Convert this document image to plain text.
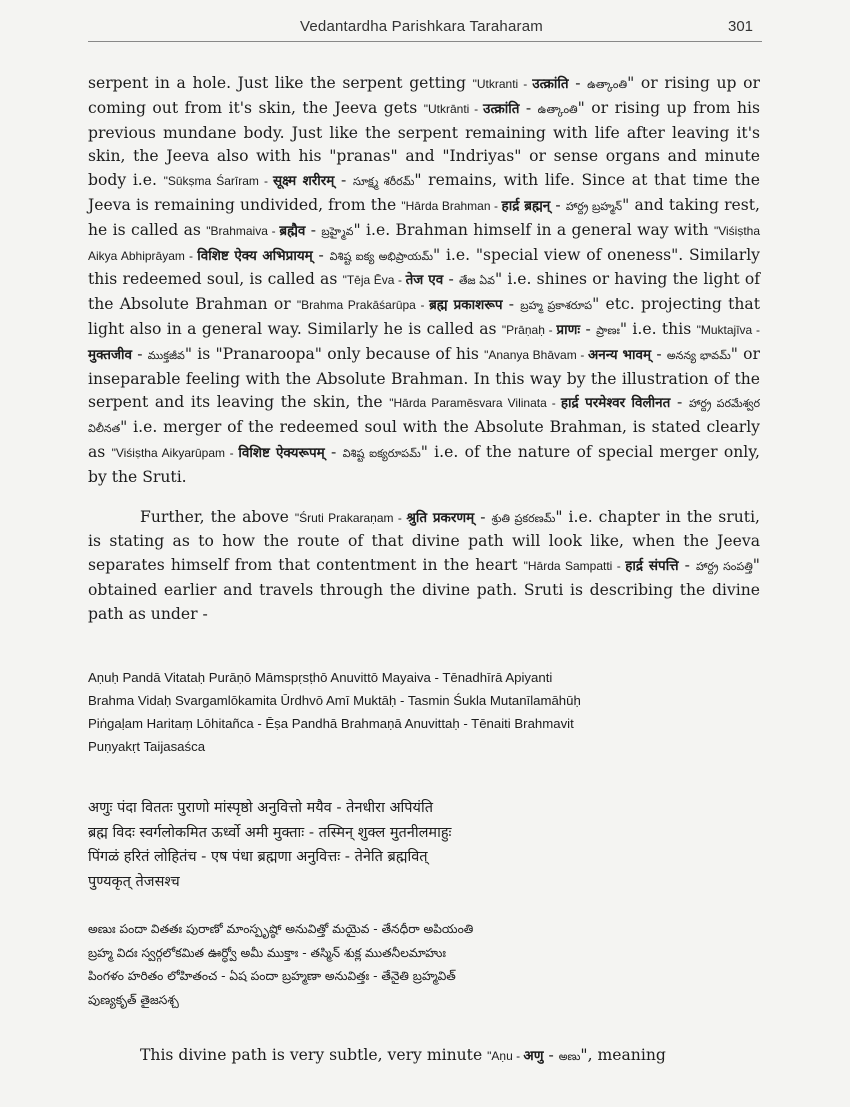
Vedantardha Parishkara Taraharam	301

serpent in a hole. Just like the serpent getting "Utkranti - उत्क्रांति - ఉత్కాంతి" or rising up or coming out from it's skin, the Jeeva gets "Utkrānti - उत्क्रांति - ఉత్కాంతి" or rising up from his previous mundane body. Just like the serpent remaining with life after leaving it's skin, the Jeeva also with his "pranas" and "Indriyas" or sense organs and minute body i.e. "Sūkṣma Śarīram - सूक्ष्म शरीरम् - సూక్ష్మ శరీరమ్" remains, with life. Since at that time the Jeeva is remaining undivided, from the "Hārda Brahman - हार्द्र ब्रह्मन् - హార్ద్ర బ్రహ్మన్" and taking rest, he is called as "Brahmaiva - ब्रह्मैव - బ్రహ్మైవ" i.e. Brahman himself in a general way with "Viśiṣtha Aikya Abhiprāyam - विशिष्ट ऐक्य अभिप्रायम् - విశిష్ట ఐక్య అభిప్రాయమ్" i.e. "special view of oneness". Similarly this redeemed soul, is called as "Tēja Ēva - तेज एव - తేజ ఏవ" i.e. shines or having the light of the Absolute Brahman or "Brahma Prakāśarūpa - ब्रह्म प्रकाशरूप - బ్రహ్మ ప్రకాశరూప" etc. projecting that light also in a general way. Similarly he is called as "Prāṇaḥ - प्राणः - ప్రాణః" i.e. this "Muktajīva - मुक्तजीव - ముక్తజీవ" is "Pranaroopa" only because of his "Ananya Bhāvam - अनन्य भावम् - అనన్య భావమ్" or inseparable feeling with the Absolute Brahman. In this way by the illustration of the serpent and its leaving the skin, the "Hārda Paramēsvara Vilinata - हार्द्र परमेश्वर विलीनत - హార్ద్ర పరమేశ్వర విలీనత" i.e. merger of the redeemed soul with the Absolute Brahman, is stated clearly as "Viśiṣtha Aikyarūpam - विशिष्ट ऐक्यरूपम् - విశిష్ట ఐక్యరూపమ్" i.e. of the nature of special merger only, by the Sruti.

Further, the above "Śruti Prakaraṇam - श्रुति प्रकरणम् - శ్రుతి ప్రకరణమ్" i.e. chapter in the sruti, is stating as to how the route of that divine path will look like, when the Jeeva separates himself from that contentment in the heart "Hārda Sampatti - हार्द्र संपत्ति - హార్ద్ర సంపత్తి" obtained earlier and travels through the divine path. Sruti is describing the divine path as under -

Aṇuḥ Pandā Vitataḥ Purāṇō Māmspṛsṭhō Anuvittō Mayaiva - Tēnadhīrā Apiyanti
Brahma Vidaḥ Svargamlōkamita Ūrdhvō Amī Muktāḥ - Tasmin Śukla Mutanīlamāhūḥ
Piṅgaḷam Haritaṃ Lōhitañca - Ēṣa Pandhā Brahmaṇā Anuvittaḥ - Tēnaiti Brahmavit
Puṇyakṛt Taijasaśca
अणुः पंदा विततः पुराणो मांस्पृष्ठो अनुवित्तो मयैव - तेनधीरा अपियंति
ब्रह्म विदः स्वर्गलोकमित ऊर्ध्वो अमी मुक्ताः - तस्मिन् शुक्ल मुतनीलमाहुः
पिंगळं हरितं लोहितंच - एष पंधा ब्रह्मणा अनुवित्तः - तेनेति ब्रह्मवित्
पुण्यकृत् तेजसश्च
అణుః పందా వితతః పురాణో మాంస్పృష్ఠో అనువిత్తో మయైవ - తేనధీరా అపియంతి
బ్రహ్మ విదః స్వర్గలోకమిత ఊర్ధ్వో అమీ ముక్తాః - తస్మిన్ శుక్ల ముతనీలమాహుః
పింగళం హరితం లోహితంచ - ఏష పందా బ్రహ్మణా అనువిత్తః - తేనైతి బ్రహ్మవిత్
పుణ్యకృత్ తైజసశ్చ
This divine path is very subtle, very minute "Aṇu - अणु - అణు", meaning
